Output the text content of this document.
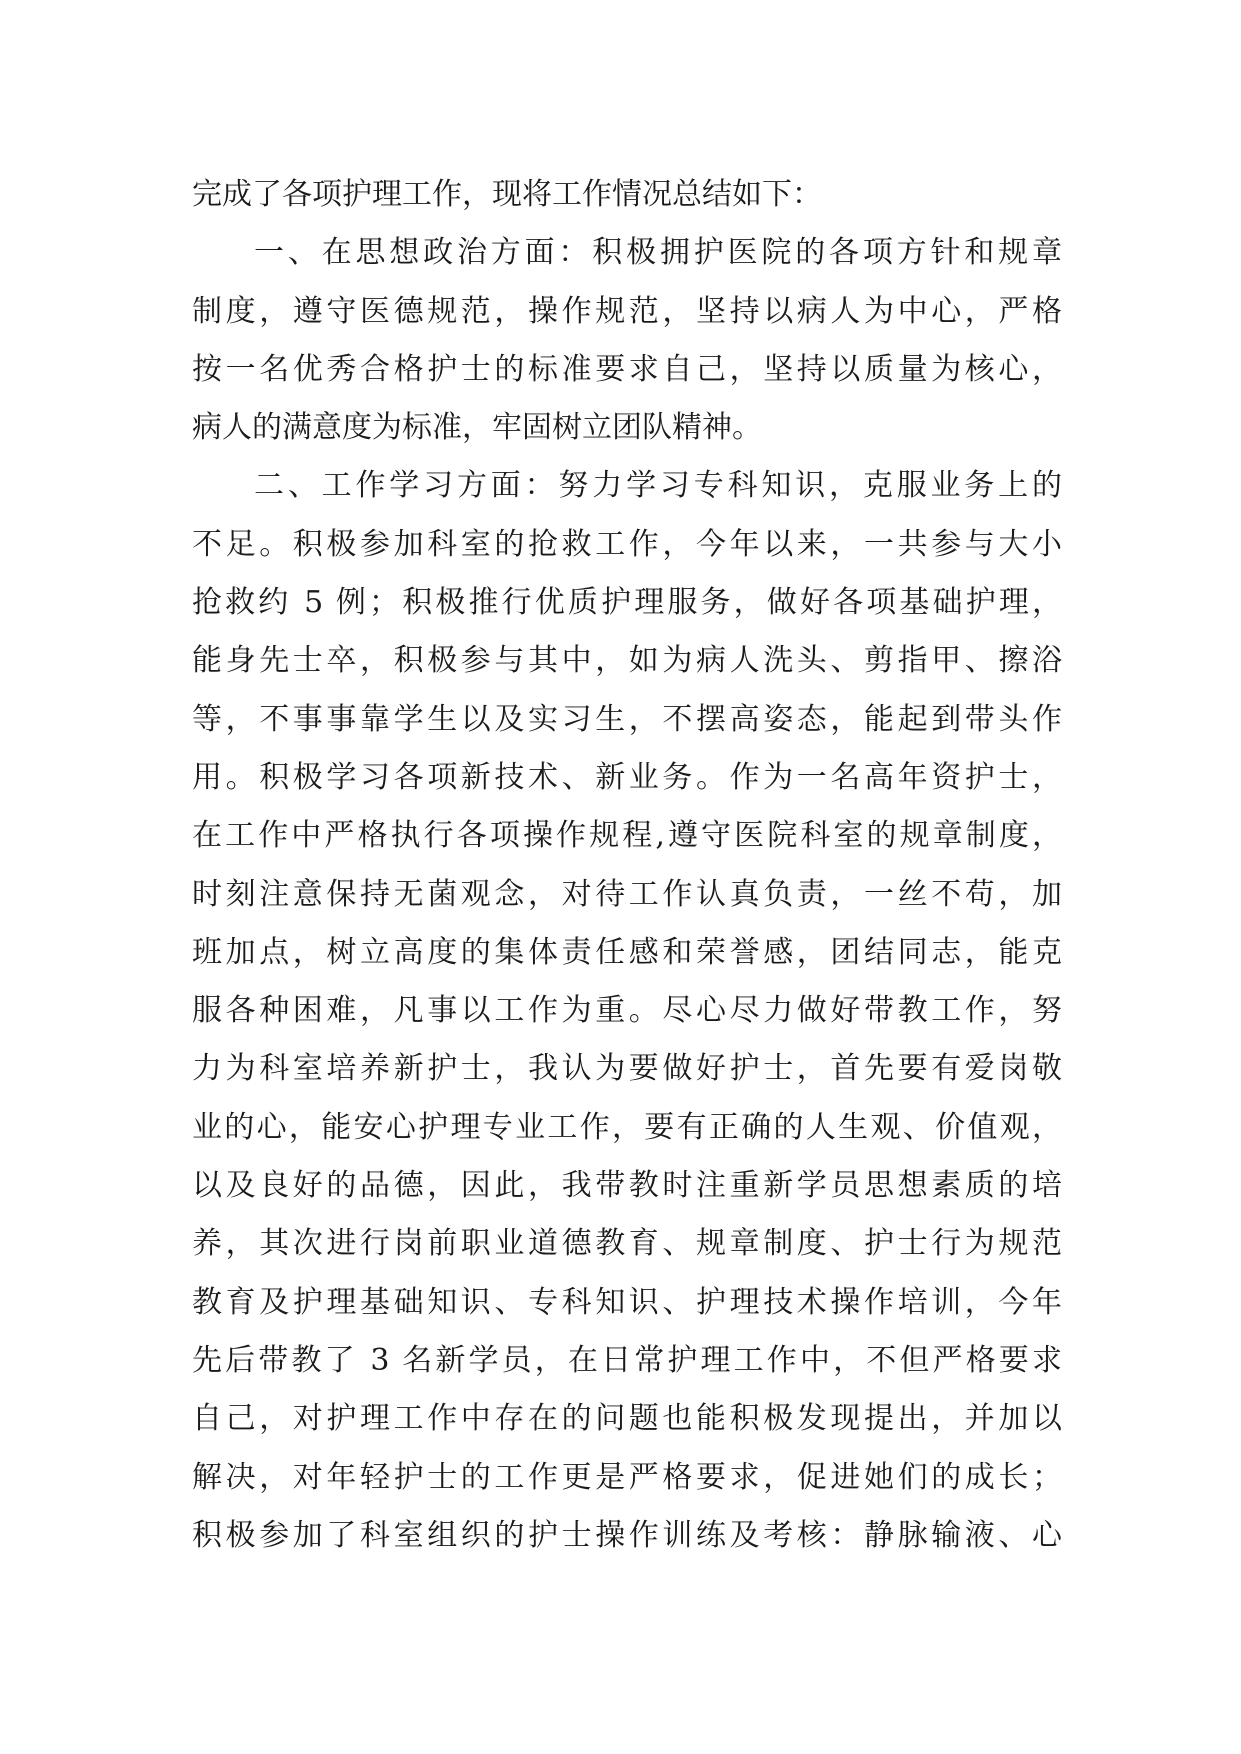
完成了各项护理工作，现将工作情况总结如下：
一、在思想政治方面：积极拥护医院的各项方针和规章
制度，遵守医德规范，操作规范，坚持以病人为中心，严格
按一名优秀合格护士的标准要求自己，坚持以质量为核心，
病人的满意度为标准，牢固树立团队精神。
二、工作学习方面：努力学习专科知识，克服业务上的
不足。积极参加科室的抢救工作，今年以来，一共参与大小
抢救约 5 例；积极推行优质护理服务，做好各项基础护理，
能身先士卒，积极参与其中，如为病人洗头、剪指甲、擦浴
等，不事事靠学生以及实习生，不摆高姿态，能起到带头作
用。积极学习各项新技术、新业务。作为一名高年资护士，
在工作中严格执行各项操作规程,遵守医院科室的规章制度，
时刻注意保持无菌观念，对待工作认真负责，一丝不苟，加
班加点，树立高度的集体责任感和荣誉感，团结同志，能克
服各种困难，凡事以工作为重。尽心尽力做好带教工作，努
力为科室培养新护士，我认为要做好护士，首先要有爱岗敬
业的心，能安心护理专业工作，要有正确的人生观、价值观，
以及良好的品德，因此，我带教时注重新学员思想素质的培
养，其次进行岗前职业道德教育、规章制度、护士行为规范
教育及护理基础知识、专科知识、护理技术操作培训，今年
先后带教了 3 名新学员，在日常护理工作中，不但严格要求
自己，对护理工作中存在的问题也能积极发现提出，并加以
解决，对年轻护士的工作更是严格要求，促进她们的成长；
积极参加了科室组织的护士操作训练及考核：静脉输液、心
